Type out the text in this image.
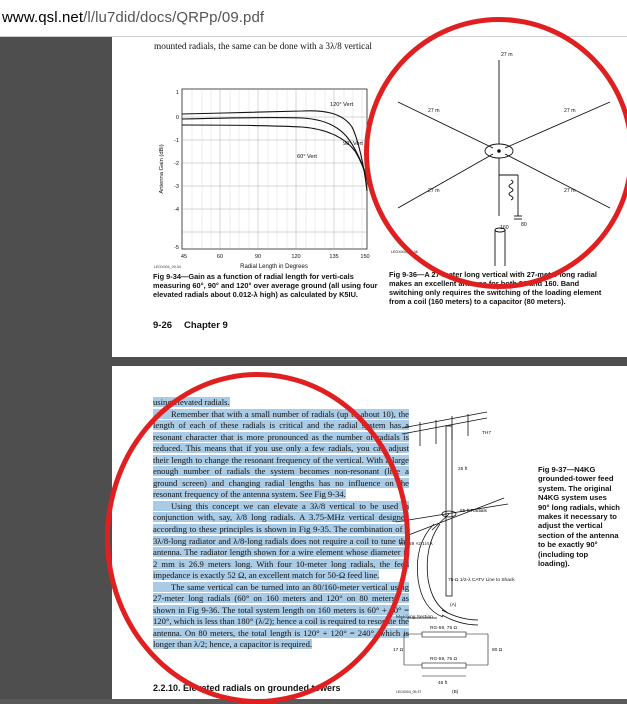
www.qsl.net/l/lu7did/docs/QRPp/09.pdf
mounted radials, the same can be done with a 3λ/8 vertical
120° Vert
90° Vert
60° Vert
1
0
-1
-2
-3
-4
-5
45	60	90	120	135	150
Radial Length in Degrees
Antenna Gain (dBi)
LEOX004_09-34
Fig 9-34—Gain as a function of radial length for verti-cals measuring 60°, 90° and 120° over average ground (all using four elevated radials about 0.012-λ high) as calculated by K5IU.
27 m
27 m	27 m
27 m	27 m
160 80
LEOX004_09-36
Fig 9-36—A 27-meter long vertical with 27-meter long radial makes an excellent antenna for both 80 and 160. Band switching only requires the switching of the loading element from a coil (160 meters) to a capacitor (80 meters).
9-26 Chapter 9
using elevated radials.
Remember that with a small number of radials (up to about 10), the length of each of these radials is critical and the radial system has a resonant character that is more pronounced as the number of radials is reduced. This means that if you use only a few radials, you can adjust their length to change the resonant frequency of the vertical. With a large enough number of radials the system becomes non-resonant (like a ground screen) and changing radial lengths has no influence on the resonant frequency of the antenna system. See Fig 9-34.
Using this concept we can elevate a 3λ/8 vertical to be used in conjunction with, say, λ/8 long radials. A 3.75-MHz vertical designed according to these principles is shown in Fig 9-35. The combination of a 3λ/8-long radiator and λ/8-long radials does not require a coil to tune the antenna. The radiator length shown for a wire element whose diameter is 2 mm is 26.9 meters long. With four 10-meter long radials, the feed impedance is exactly 52 Ω, an excellent match for 50-Ω feed line.
The same vertical can be turned into an 80/160-meter vertical using 27-meter long radials (60° on 160 meters and 120° on 80 meters) as shown in Fig 9-36. The total system length on 160 meters is 60° + 60° = 120°, which is less than 180° (λ/2); hence a coil is required to resonate the antenna. On 80 meters, the total length is 120° + 120° = 240°, which is longer than λ/2; hence, a capacitor is required.
2.2.10. Elevated radials on grounded towers
TH7
25 ft
65-ft Radials
RG-59 ×2 1/4 λ
75-Ω 1/2-λ CATV Line to Shack
(A)
Matching Section
RG-59, 75 Ω
RG-59, 75 Ω
17 Ω	80 Ω
46 ft
(B)
LEOX004_09-37
Fig 9-37—N4KG grounded-tower feed system. The original N4KG system uses 90° long radials, which makes it necessary to adjust the vertical section of the antenna to be exactly 90° (including top loading).
